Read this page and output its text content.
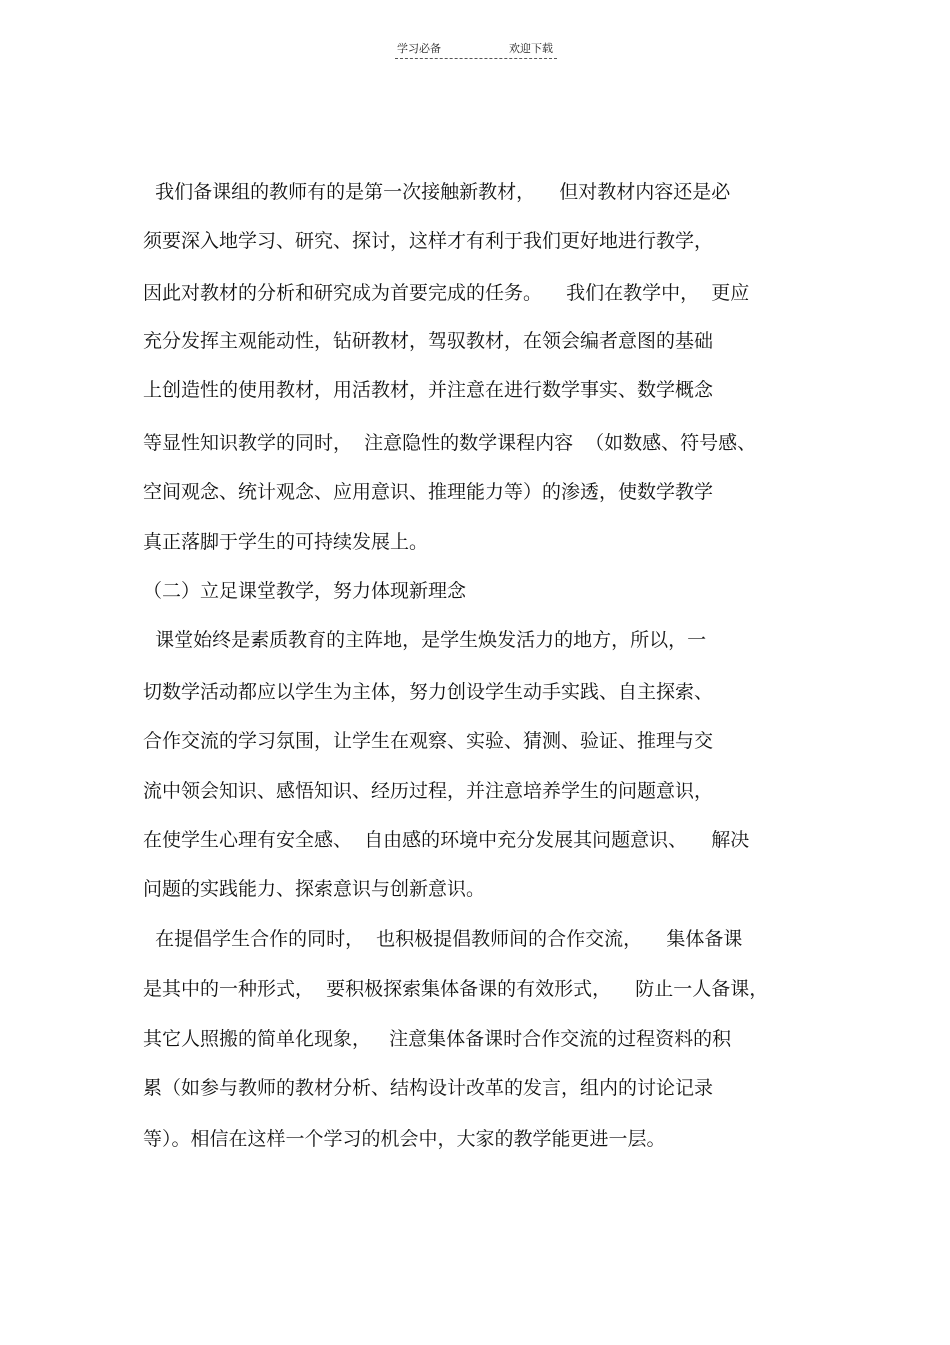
学习必备	欢迎下载
我们备课组的教师有的是第一次接触新教材，    但对教材内容还是必
须要深入地学习、研究、探讨，这样才有利于我们更好地进行教学，
因此对教材的分析和研究成为首要完成的任务。    我们在教学中，  更应
充分发挥主观能动性，钻研教材，驾驭教材，在领会编者意图的基础
上创造性的使用教材，用活教材，并注意在进行数学事实、数学概念
等显性知识教学的同时，  注意隐性的数学课程内容  （如数感、符号感、
空间观念、统计观念、应用意识、推理能力等）的渗透，使数学教学
真正落脚于学生的可持续发展上。
（二）立足课堂教学，努力体现新理念
课堂始终是素质教育的主阵地，是学生焕发活力的地方，所以，一
切数学活动都应以学生为主体，努力创设学生动手实践、自主探索、
合作交流的学习氛围，让学生在观察、实验、猜测、验证、推理与交
流中领会知识、感悟知识、经历过程，并注意培养学生的问题意识，
在使学生心理有安全感、  自由感的环境中充分发展其问题意识、    解决
问题的实践能力、探索意识与创新意识。
在提倡学生合作的同时，  也积极提倡教师间的合作交流，    集体备课
是其中的一种形式，  要积极探索集体备课的有效形式，    防止一人备课，
其它人照搬的简单化现象，   注意集体备课时合作交流的过程资料的积
累（如参与教师的教材分析、结构设计改革的发言，组内的讨论记录
等）。相信在这样一个学习的机会中，大家的教学能更进一层。
